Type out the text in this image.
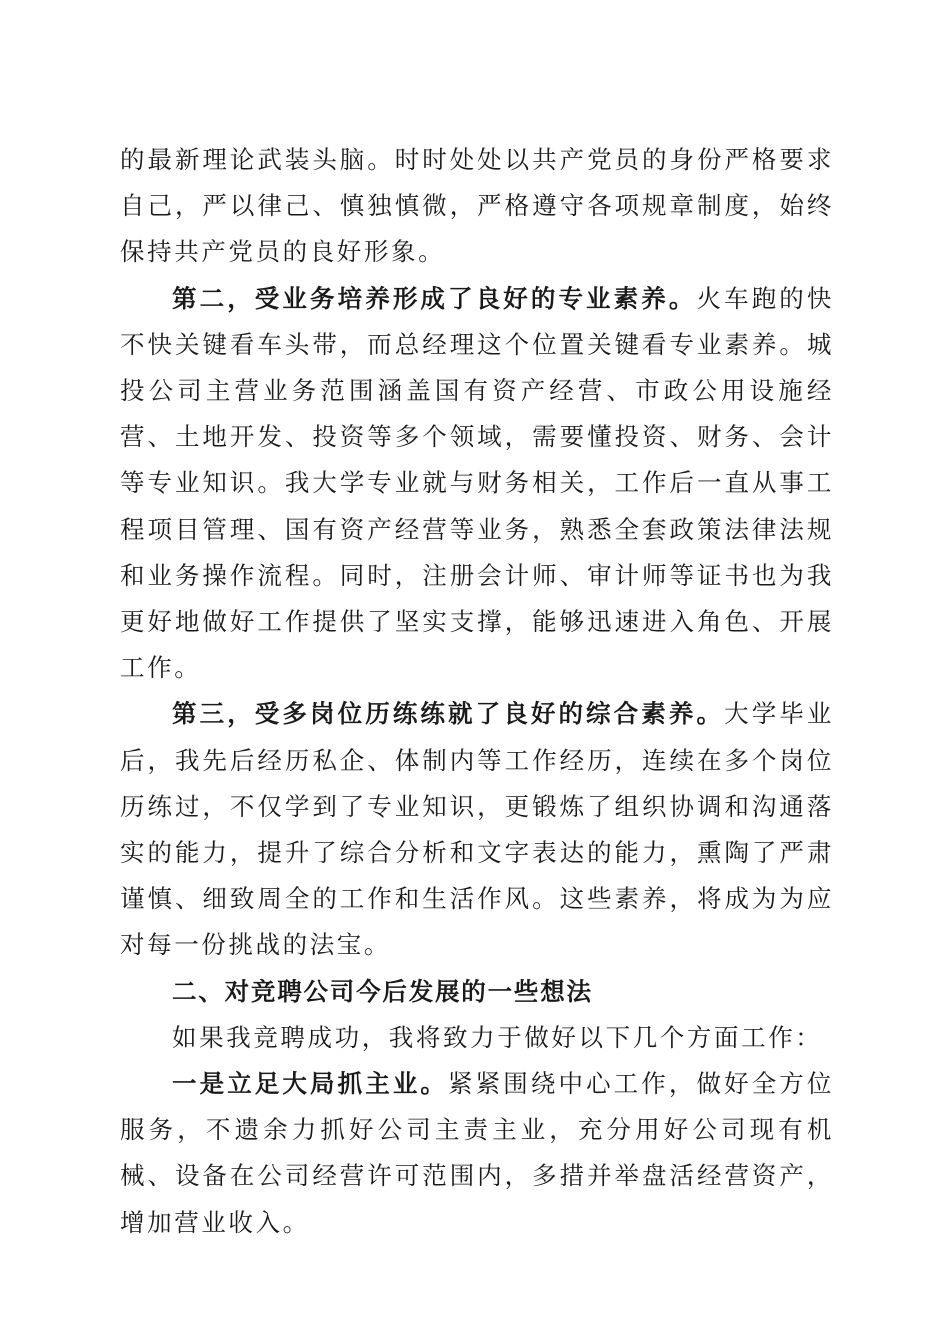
的最新理论武装头脑。时时处处以共产党员的身份严格要求自己，严以律己、慎独慎微，严格遵守各项规章制度，始终保持共产党员的良好形象。

第二，受业务培养形成了良好的专业素养。火车跑的快不快关键看车头带，而总经理这个位置关键看专业素养。城投公司主营业务范围涵盖国有资产经营、市政公用设施经营、土地开发、投资等多个领域，需要懂投资、财务、会计等专业知识。我大学专业就与财务相关，工作后一直从事工程项目管理、国有资产经营等业务，熟悉全套政策法律法规和业务操作流程。同时，注册会计师、审计师等证书也为我更好地做好工作提供了坚实支撑，能够迅速进入角色、开展工作。

第三，受多岗位历练练就了良好的综合素养。大学毕业后，我先后经历私企、体制内等工作经历，连续在多个岗位历练过，不仅学到了专业知识，更锻炼了组织协调和沟通落实的能力，提升了综合分析和文字表达的能力，熏陶了严肃谨慎、细致周全的工作和生活作风。这些素养，将成为为应对每一份挑战的法宝。

二、对竞聘公司今后发展的一些想法

如果我竞聘成功，我将致力于做好以下几个方面工作：

一是立足大局抓主业。紧紧围绕中心工作，做好全方位服务，不遗余力抓好公司主责主业，充分用好公司现有机械、设备在公司经营许可范围内，多措并举盘活经营资产，增加营业收入。
